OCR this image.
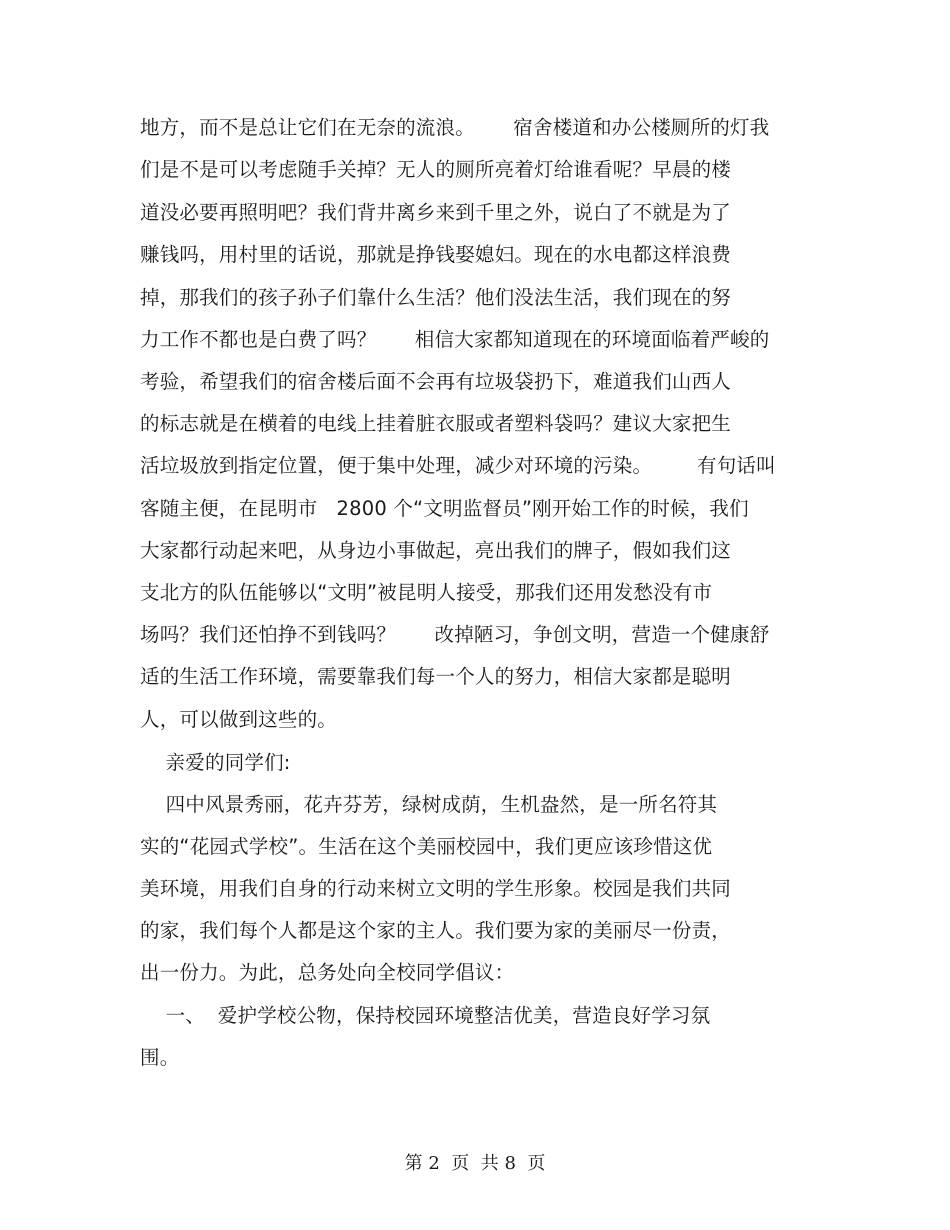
地方，而不是总让它们在无奈的流浪。      宿舍楼道和办公楼厕所的灯我
们是不是可以考虑随手关掉？无人的厕所亮着灯给谁看呢？早晨的楼
道没必要再照明吧？我们背井离乡来到千里之外，说白了不就是为了
赚钱吗，用村里的话说，那就是挣钱娶媳妇。现在的水电都这样浪费
掉，那我们的孩子孙子们靠什么生活？他们没法生活，我们现在的努
力工作不都也是白费了吗？      相信大家都知道现在的环境面临着严峻的
考验，希望我们的宿舍楼后面不会再有垃圾袋扔下，难道我们山西人
的标志就是在横着的电线上挂着脏衣服或者塑料袋吗？建议大家把生
活垃圾放到指定位置，便于集中处理，减少对环境的污染。       有句话叫
客随主便，在昆明市   2800 个“文明监督员”刚开始工作的时候，我们
大家都行动起来吧，从身边小事做起，亮出我们的牌子，假如我们这
支北方的队伍能够以“文明”被昆明人接受，那我们还用发愁没有市
场吗？我们还怕挣不到钱吗？      改掉陋习，争创文明，营造一个健康舒
适的生活工作环境，需要靠我们每一个人的努力，相信大家都是聪明
人，可以做到这些的。
亲爱的同学们:
四中风景秀丽，花卉芬芳，绿树成荫，生机盎然，是一所名符其
实的“花园式学校”。生活在这个美丽校园中，我们更应该珍惜这优
美环境，用我们自身的行动来树立文明的学生形象。校园是我们共同
的家，我们每个人都是这个家的主人。我们要为家的美丽尽一份责，
出一份力。为此，总务处向全校同学倡议：
一、  爱护学校公物，保持校园环境整洁优美，营造良好学习氛
围。
第 2  页  共 8  页
